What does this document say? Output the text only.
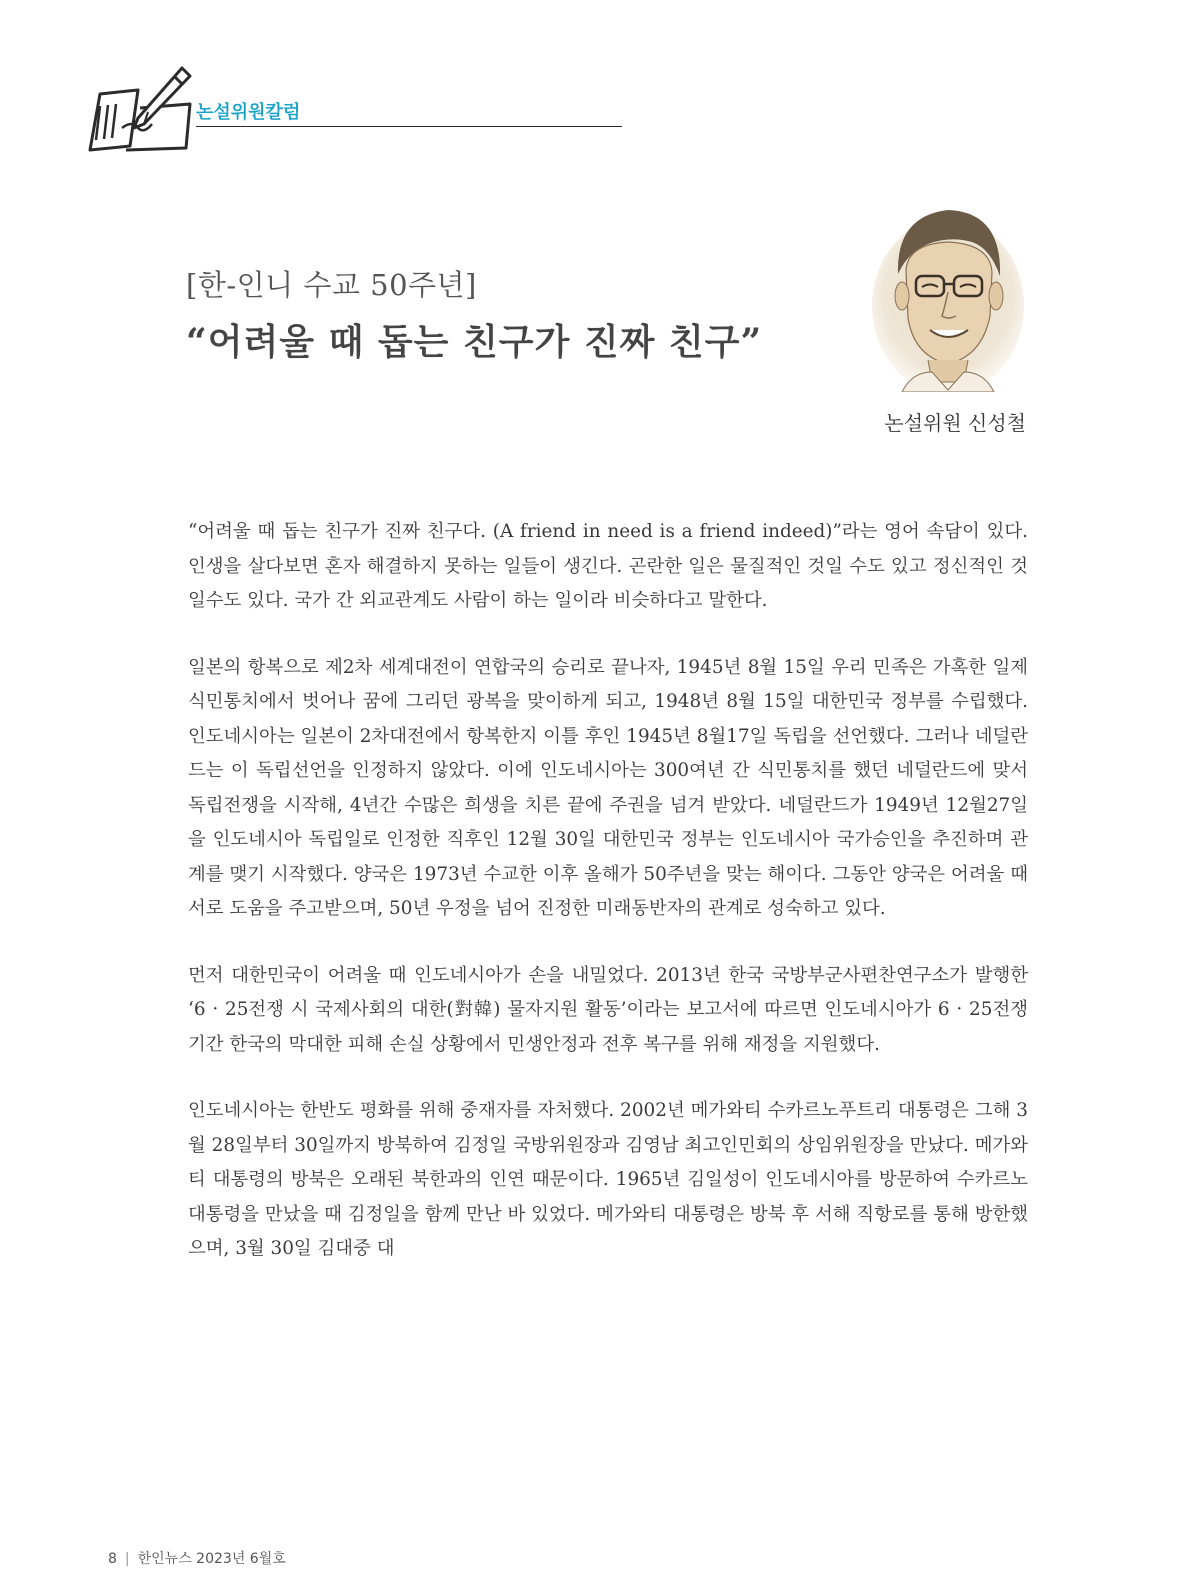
논설위원칼럼
[한-인니 수교 50주년]
“어려울 때 돕는 친구가 진짜 친구”
논설위원 신성철

“어려울 때 돕는 친구가 진짜 친구다. (A friend in need is a friend indeed)”라는 영어 속담이 있다. 인생을 살다보면 혼자 해결하지 못하는 일들이 생긴다. 곤란한 일은 물질적인 것일 수도 있고 정신적인 것 일수도 있다. 국가 간 외교관계도 사람이 하는 일이라 비슷하다고 말한다.

일본의 항복으로 제2차 세계대전이 연합국의 승리로 끝나자, 1945년 8월 15일 우리 민족은 가혹한 일제 식민통치에서 벗어나 꿈에 그리던 광복을 맞이하게 되고, 1948년 8월 15일 대한민국 정부를 수립했다. 인도네시아는 일본이 2차대전에서 항복한지 이틀 후인 1945년 8월17일 독립을 선언했다. 그러나 네덜란드는 이 독립선언을 인정하지 않았다. 이에 인도네시아는 300여년 간 식민통치를 했던 네덜란드에 맞서 독립전쟁을 시작해, 4년간 수많은 희생을 치른 끝에 주권을 넘겨 받았다. 네덜란드가 1949년 12월27일을 인도네시아 독립일로 인정한 직후인 12월 30일 대한민국 정부는 인도네시아 국가승인을 추진하며 관계를 맺기 시작했다. 양국은 1973년 수교한 이후 올해가 50주년을 맞는 해이다. 그동안 양국은 어려울 때 서로 도움을 주고받으며, 50년 우정을 넘어 진정한 미래동반자의 관계로 성숙하고 있다.

먼저 대한민국이 어려울 때 인도네시아가 손을 내밀었다. 2013년 한국 국방부군사편찬연구소가 발행한 ‘6 · 25전쟁 시 국제사회의 대한(對韓) 물자지원 활동’이라는 보고서에 따르면 인도네시아가 6 · 25전쟁 기간 한국의 막대한 피해 손실 상황에서 민생안정과 전후 복구를 위해 재정을 지원했다.

인도네시아는 한반도 평화를 위해 중재자를 자처했다. 2002년 메가와티 수카르노푸트리 대통령은 그해 3월 28일부터 30일까지 방북하여 김정일 국방위원장과 김영남 최고인민회의 상임위원장을 만났다. 메가와티 대통령의 방북은 오래된 북한과의 인연 때문이다. 1965년 김일성이 인도네시아를 방문하여 수카르노 대통령을 만났을 때 김정일을 함께 만난 바 있었다. 메가와티 대통령은 방북 후 서해 직항로를 통해 방한했으며, 3월 30일 김대중 대

8 | 한인뉴스 2023년 6월호
